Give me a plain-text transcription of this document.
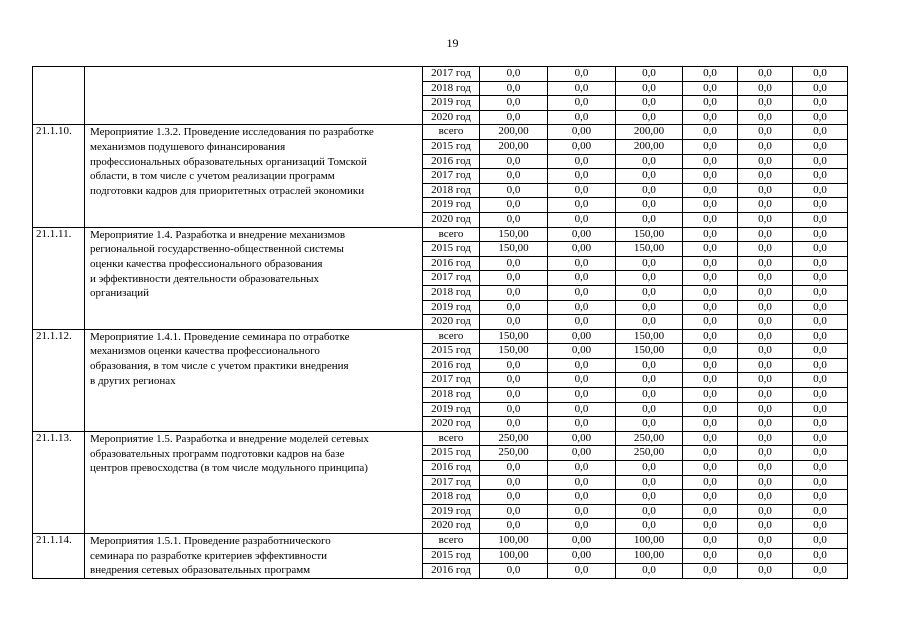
19
		2017 год	0,0	0,0	0,0	0,0	0,0	0,0
		2018 год	0,0	0,0	0,0	0,0	0,0	0,0
		2019 год	0,0	0,0	0,0	0,0	0,0	0,0
		2020 год	0,0	0,0	0,0	0,0	0,0	0,0
21.1.10.	Мероприятие 1.3.2. Проведение исследования по разработке
механизмов подушевого финансирования
профессиональных образовательных организаций Томской
области, в том числе с учетом реализации программ
подготовки кадров для приоритетных отраслей экономики	всего	200,00	0,00	200,00	0,0	0,0	0,0
		2015 год	200,00	0,00	200,00	0,0	0,0	0,0
		2016 год	0,0	0,0	0,0	0,0	0,0	0,0
		2017 год	0,0	0,0	0,0	0,0	0,0	0,0
		2018 год	0,0	0,0	0,0	0,0	0,0	0,0
		2019 год	0,0	0,0	0,0	0,0	0,0	0,0
		2020 год	0,0	0,0	0,0	0,0	0,0	0,0
21.1.11.	Мероприятие 1.4. Разработка и внедрение механизмов
региональной государственно-общественной системы
оценки качества профессионального образования
и эффективности деятельности образовательных
организаций	всего	150,00	0,00	150,00	0,0	0,0	0,0
		2015 год	150,00	0,00	150,00	0,0	0,0	0,0
		2016 год	0,0	0,0	0,0	0,0	0,0	0,0
		2017 год	0,0	0,0	0,0	0,0	0,0	0,0
		2018 год	0,0	0,0	0,0	0,0	0,0	0,0
		2019 год	0,0	0,0	0,0	0,0	0,0	0,0
		2020 год	0,0	0,0	0,0	0,0	0,0	0,0
21.1.12.	Мероприятие 1.4.1. Проведение семинара по отработке
механизмов оценки качества профессионального
образования, в том числе с учетом практики внедрения
в других регионах	всего	150,00	0,00	150,00	0,0	0,0	0,0
		2015 год	150,00	0,00	150,00	0,0	0,0	0,0
		2016 год	0,0	0,0	0,0	0,0	0,0	0,0
		2017 год	0,0	0,0	0,0	0,0	0,0	0,0
		2018 год	0,0	0,0	0,0	0,0	0,0	0,0
		2019 год	0,0	0,0	0,0	0,0	0,0	0,0
		2020 год	0,0	0,0	0,0	0,0	0,0	0,0
21.1.13.	Мероприятие 1.5. Разработка и внедрение моделей сетевых
образовательных программ подготовки кадров на базе
центров превосходства (в том числе модульного принципа)	всего	250,00	0,00	250,00	0,0	0,0	0,0
		2015 год	250,00	0,00	250,00	0,0	0,0	0,0
		2016 год	0,0	0,0	0,0	0,0	0,0	0,0
		2017 год	0,0	0,0	0,0	0,0	0,0	0,0
		2018 год	0,0	0,0	0,0	0,0	0,0	0,0
		2019 год	0,0	0,0	0,0	0,0	0,0	0,0
		2020 год	0,0	0,0	0,0	0,0	0,0	0,0
21.1.14.	Мероприятия 1.5.1. Проведение разработнического
семинара по разработке критериев эффективности
внедрения сетевых образовательных программ	всего	100,00	0,00	100,00	0,0	0,0	0,0
		2015 год	100,00	0,00	100,00	0,0	0,0	0,0
		2016 год	0,0	0,0	0,0	0,0	0,0	0,0
